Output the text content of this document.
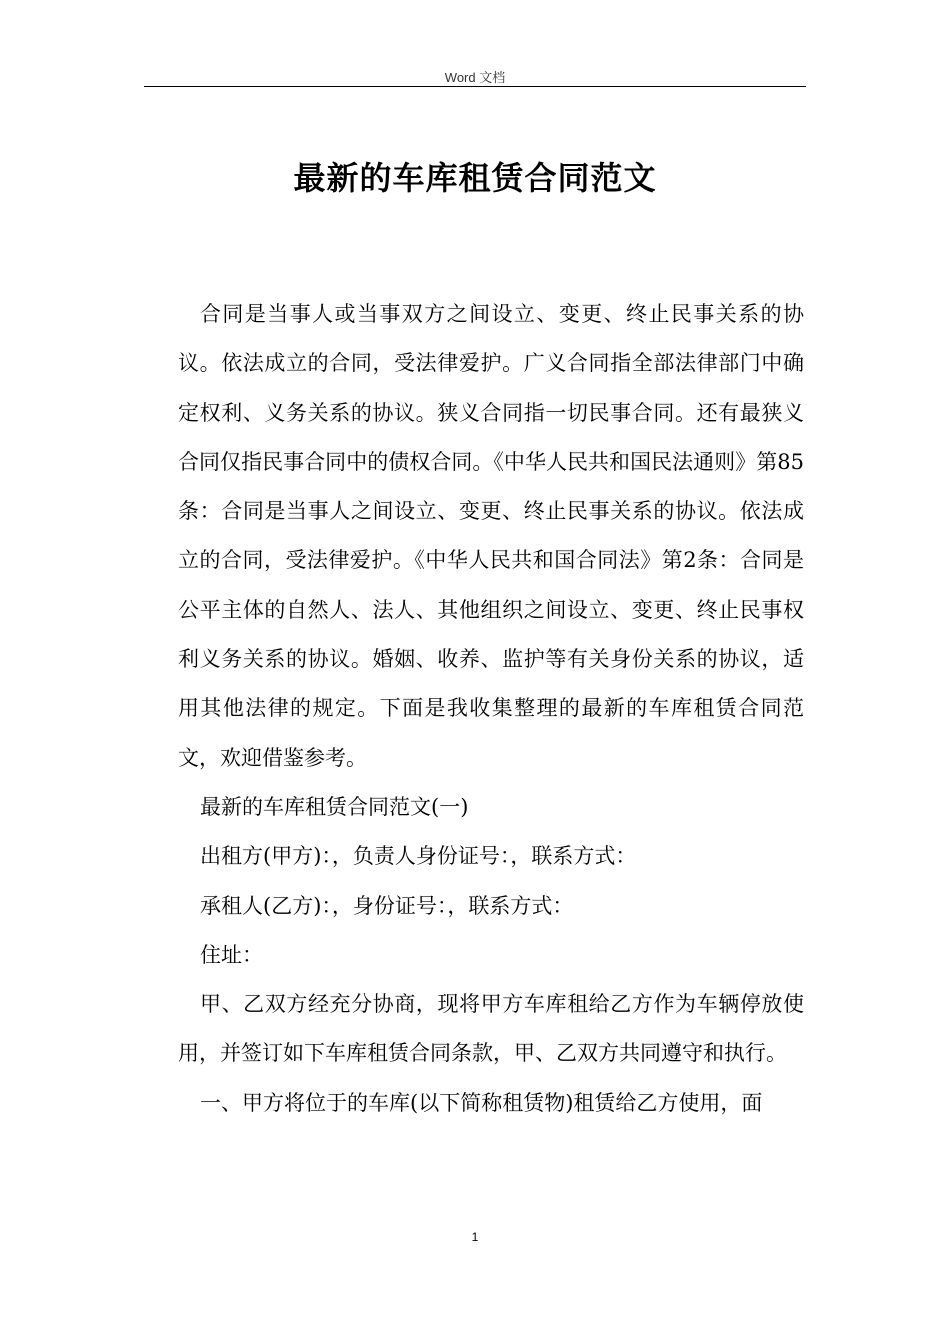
Word 文档
最新的车库租赁合同范文

合同是当事人或当事双方之间设立、变更、终止民事关系的协议。依法成立的合同，受法律爱护。广义合同指全部法律部门中确定权利、义务关系的协议。狭义合同指一切民事合同。还有最狭义合同仅指民事合同中的债权合同。《中华人民共和国民法通则》第85条：合同是当事人之间设立、变更、终止民事关系的协议。依法成立的合同，受法律爱护。《中华人民共和国合同法》第2条：合同是公平主体的自然人、法人、其他组织之间设立、变更、终止民事权利义务关系的协议。婚姻、收养、监护等有关身份关系的协议，适用其他法律的规定。下面是我收集整理的最新的车库租赁合同范文，欢迎借鉴参考。

最新的车库租赁合同范文(一)

出租方(甲方)：，负责人身份证号：，联系方式：

承租人(乙方)：，身份证号：，联系方式：

住址：

甲、乙双方经充分协商，现将甲方车库租给乙方作为车辆停放使用，并签订如下车库租赁合同条款，甲、乙双方共同遵守和执行。

一、甲方将位于的车库(以下简称租赁物)租赁给乙方使用，面

1
